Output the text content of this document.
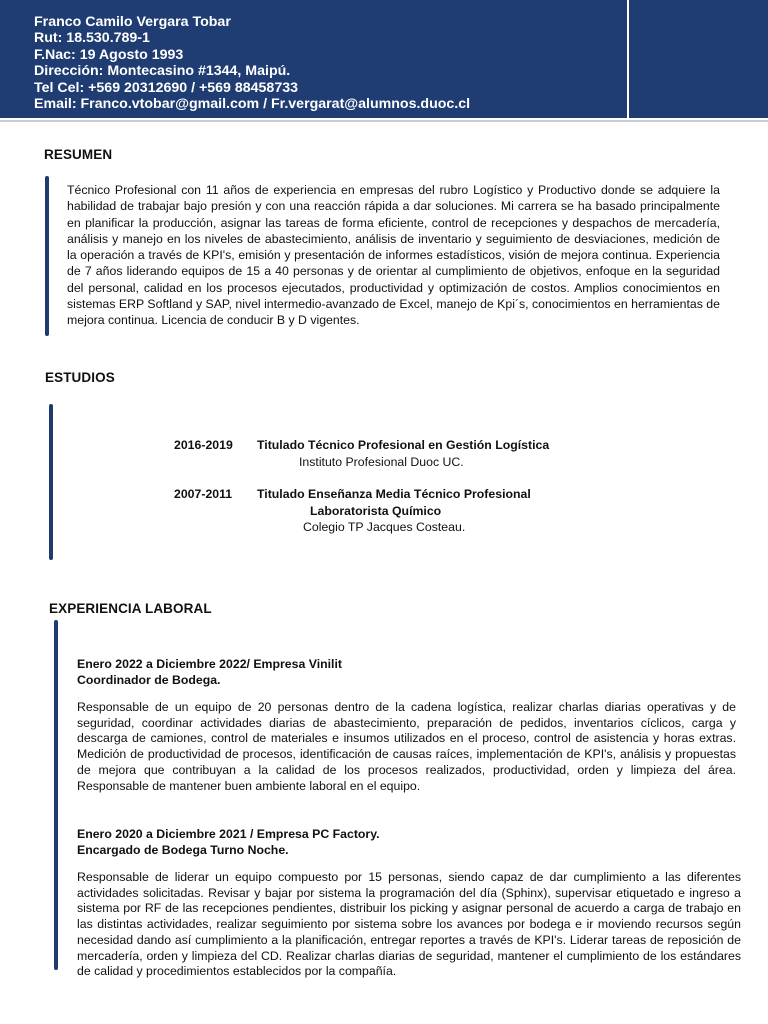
Franco Camilo Vergara Tobar
Rut: 18.530.789-1
F.Nac: 19 Agosto 1993
Dirección: Montecasino #1344, Maipú.
Tel Cel: +569 20312690 / +569 88458733
Email: Franco.vtobar@gmail.com / Fr.vergarat@alumnos.duoc.cl
RESUMEN
Técnico Profesional con 11 años de experiencia en empresas del rubro Logístico y Productivo donde se adquiere la habilidad de trabajar bajo presión y con una reacción rápida a dar soluciones. Mi carrera se ha basado principalmente en planificar la producción, asignar las tareas de forma eficiente, control de recepciones y despachos de mercadería, análisis y manejo en los niveles de abastecimiento, análisis de inventario y seguimiento de desviaciones, medición de la operación a través de KPI's, emisión y presentación de informes estadísticos, visión de mejora continua. Experiencia de 7 años liderando equipos de 15 a 40 personas y de orientar al cumplimiento de objetivos, enfoque en la seguridad del personal, calidad en los procesos ejecutados, productividad y optimización de costos. Amplios conocimientos en sistemas ERP Softland y SAP, nivel intermedio-avanzado de Excel, manejo de Kpi´s, conocimientos en herramientas de mejora continua. Licencia de conducir B y D vigentes.
ESTUDIOS
2016-2019 Titulado Técnico Profesional en Gestión Logística
Instituto Profesional Duoc UC.
2007-2011 Titulado Enseñanza Media Técnico Profesional
Laboratorista Químico
Colegio TP Jacques Costeau.
EXPERIENCIA LABORAL
Enero 2022 a Diciembre 2022/ Empresa Vinilit
Coordinador de Bodega.
Responsable de un equipo de 20 personas dentro de la cadena logística, realizar charlas diarias operativas y de seguridad, coordinar actividades diarias de abastecimiento, preparación de pedidos, inventarios cíclicos, carga y descarga de camiones, control de materiales e insumos utilizados en el proceso, control de asistencia y horas extras. Medición de productividad de procesos, identificación de causas raíces, implementación de KPI's, análisis y propuestas de mejora que contribuyan a la calidad de los procesos realizados, productividad, orden y limpieza del área. Responsable de mantener buen ambiente laboral en el equipo.
Enero 2020 a Diciembre 2021 / Empresa PC Factory.
Encargado de Bodega Turno Noche.
Responsable de liderar un equipo compuesto por 15 personas, siendo capaz de dar cumplimiento a las diferentes actividades solicitadas. Revisar y bajar por sistema la programación del día (Sphinx), supervisar etiquetado e ingreso a sistema por RF de las recepciones pendientes, distribuir los picking y asignar personal de acuerdo a carga de trabajo en las distintas actividades, realizar seguimiento por sistema sobre los avances por bodega e ir moviendo recursos según necesidad dando así cumplimiento a la planificación, entregar reportes a través de KPI's. Liderar tareas de reposición de mercadería, orden y limpieza del CD. Realizar charlas diarias de seguridad, mantener el cumplimiento de los estándares de calidad y procedimientos establecidos por la compañía.
